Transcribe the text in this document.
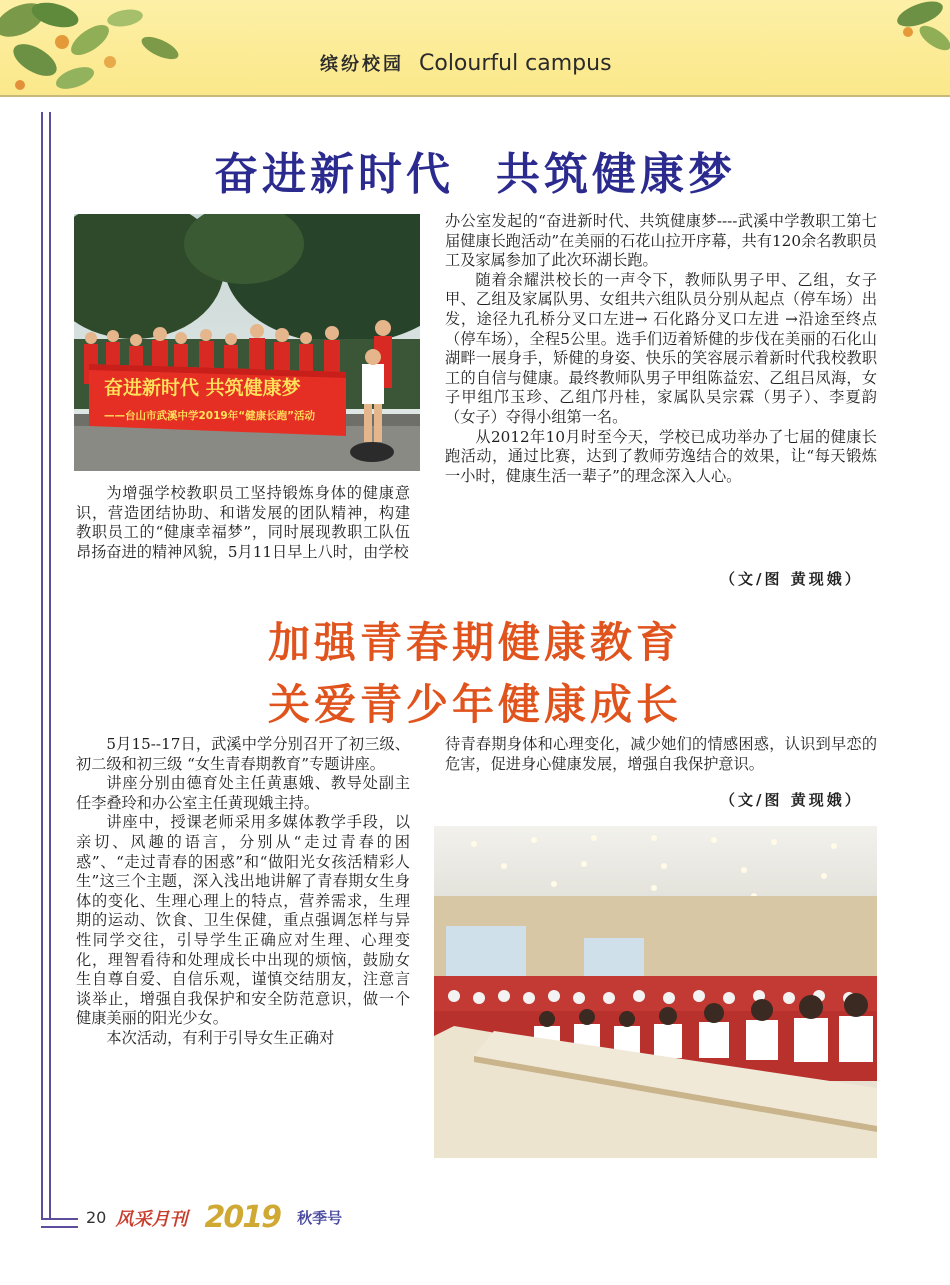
缤纷校园 Colourful campus
奋进新时代 共筑健康梦
奋进新时代 共筑健康梦
——台山市武溪中学2019年“健康长跑”活动

为增强学校教职员工坚持锻炼身体的健康意识，营造团结协助、和谐发展的团队精神，构建教职员工的“健康幸福梦”，同时展现教职工队伍昂扬奋进的精神风貌，5月11日早上八时，由学校

办公室发起的“奋进新时代、共筑健康梦----武溪中学教职工第七届健康长跑活动”在美丽的石花山拉开序幕，共有120余名教职员工及家属参加了此次环湖长跑。

随着余耀洪校长的一声令下，教师队男子甲、乙组，女子甲、乙组及家属队男、女组共六组队员分别从起点（停车场）出发，途径九孔桥分叉口左进→ 石化路分叉口左进 →沿途至终点（停车场），全程5公里。选手们迈着矫健的步伐在美丽的石化山湖畔一展身手，矫健的身姿、快乐的笑容展示着新时代我校教职工的自信与健康。最终教师队男子甲组陈益宏、乙组吕凤海，女子甲组邝玉珍、乙组邝丹桂，家属队吴宗霖（男子）、李夏韵（女子）夺得小组第一名。

从2012年10月时至今天，学校已成功举办了七届的健康长跑活动，通过比赛，达到了教师劳逸结合的效果，让“每天锻炼一小时，健康生活一辈子”的理念深入人心。

（文/图 黄现娥）
加强青春期健康教育
关爱青少年健康成长

5月15--17日，武溪中学分别召开了初三级、初二级和初三级 “女生青春期教育”专题讲座。

讲座分别由德育处主任黄惠娥、教导处副主任李叠玲和办公室主任黄现娥主持。

讲座中，授课老师采用多媒体教学手段，以亲切、风趣的语言，分别从“走过青春的困惑”、“走过青春的困惑”和“做阳光女孩活精彩人生”这三个主题，深入浅出地讲解了青春期女生身体的变化、生理心理上的特点，营养需求，生理期的运动、饮食、卫生保健，重点强调怎样与异性同学交往，引导学生正确应对生理、心理变化，理智看待和处理成长中出现的烦恼，鼓励女生自尊自爱、自信乐观，谨慎交结朋友，注意言谈举止，增强自我保护和安全防范意识，做一个健康美丽的阳光少女。

本次活动，有利于引导女生正确对

待青春期身体和心理变化，减少她们的情感困惑，认识到早恋的危害，促进身心健康发展，增强自我保护意识。

（文/图 黄现娥）
20 风采月刊 2019 秋季号
